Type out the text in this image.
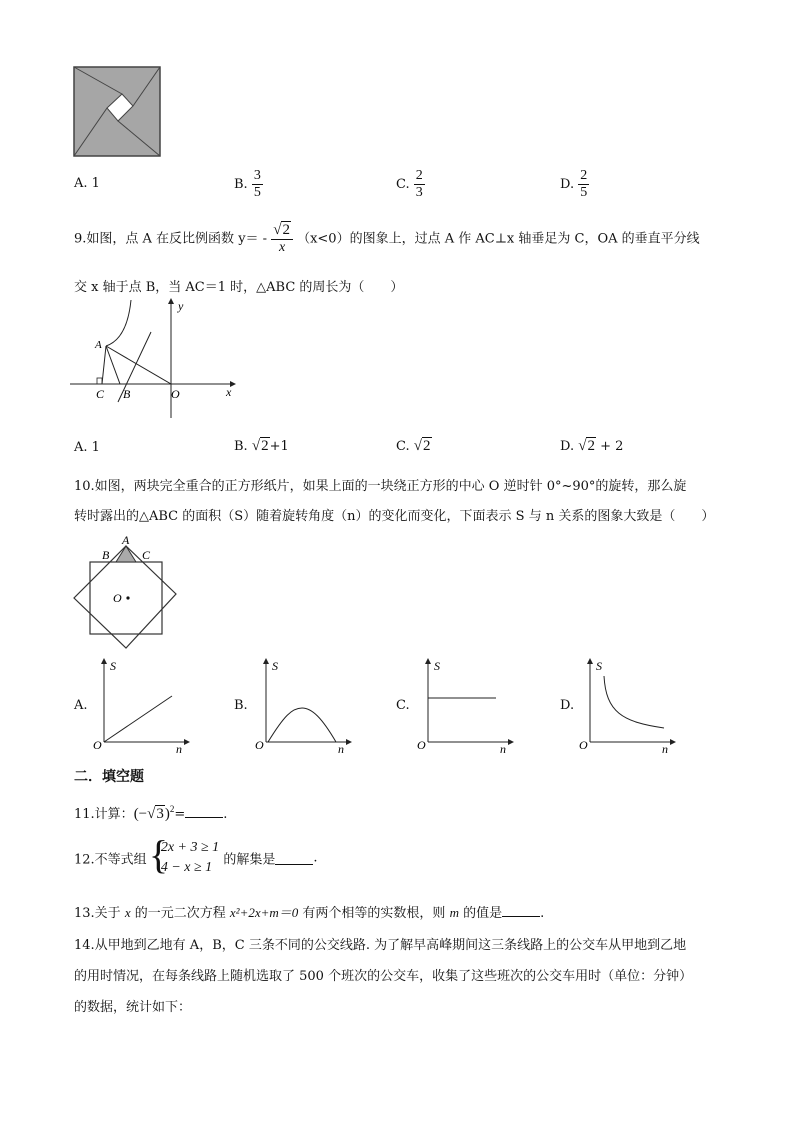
A. 1	B. $\frac{3}{5}$	C. $\frac{2}{3}$	D. $\frac{2}{5}$
9.如图，点 A 在反比例函数 $y= - \frac{√2}{x} (x<0)$的图象上，过点 A 作 AC⊥x 轴垂足为 C，OA 的垂直平分线
交 x 轴于点 B，当 AC＝1 时，△ABC 的周长为（　　）
y
x
A
C B	O
A. 1	B. √2+1	C. √2	D. √2 + 2
10.如图，两块完全重合的正方形纸片，如果上面的一块绕正方形的中心 O 逆时针 0°~90°的旋转，那么旋
转时露出的△ABC 的面积（S）随着旋转角度（n）的变化而变化，下面表示 S 与 n 关系的图象大致是（　　）
A
B	C
O
A.
S
n
O
B.
S
n
O
C.
S
n
O
D.
S
n
O
二．填空题
11.计算：$(-√3)^2=$	.
12.不等式组
{ 2x + 3 ≥ 1
4 − x ≥ 1 的解集是	.
13.关于 x 的一元二次方程 x²+2x+m＝0 有两个相等的实数根，则 m 的值是	.
14.从甲地到乙地有 A，B，C 三条不同的公交线路. 为了解早高峰期间这三条线路上的公交车从甲地到乙地
的用时情况，在每条线路上随机选取了 500 个班次的公交车，收集了这些班次的公交车用时（单位：分钟）
的数据，统计如下：
